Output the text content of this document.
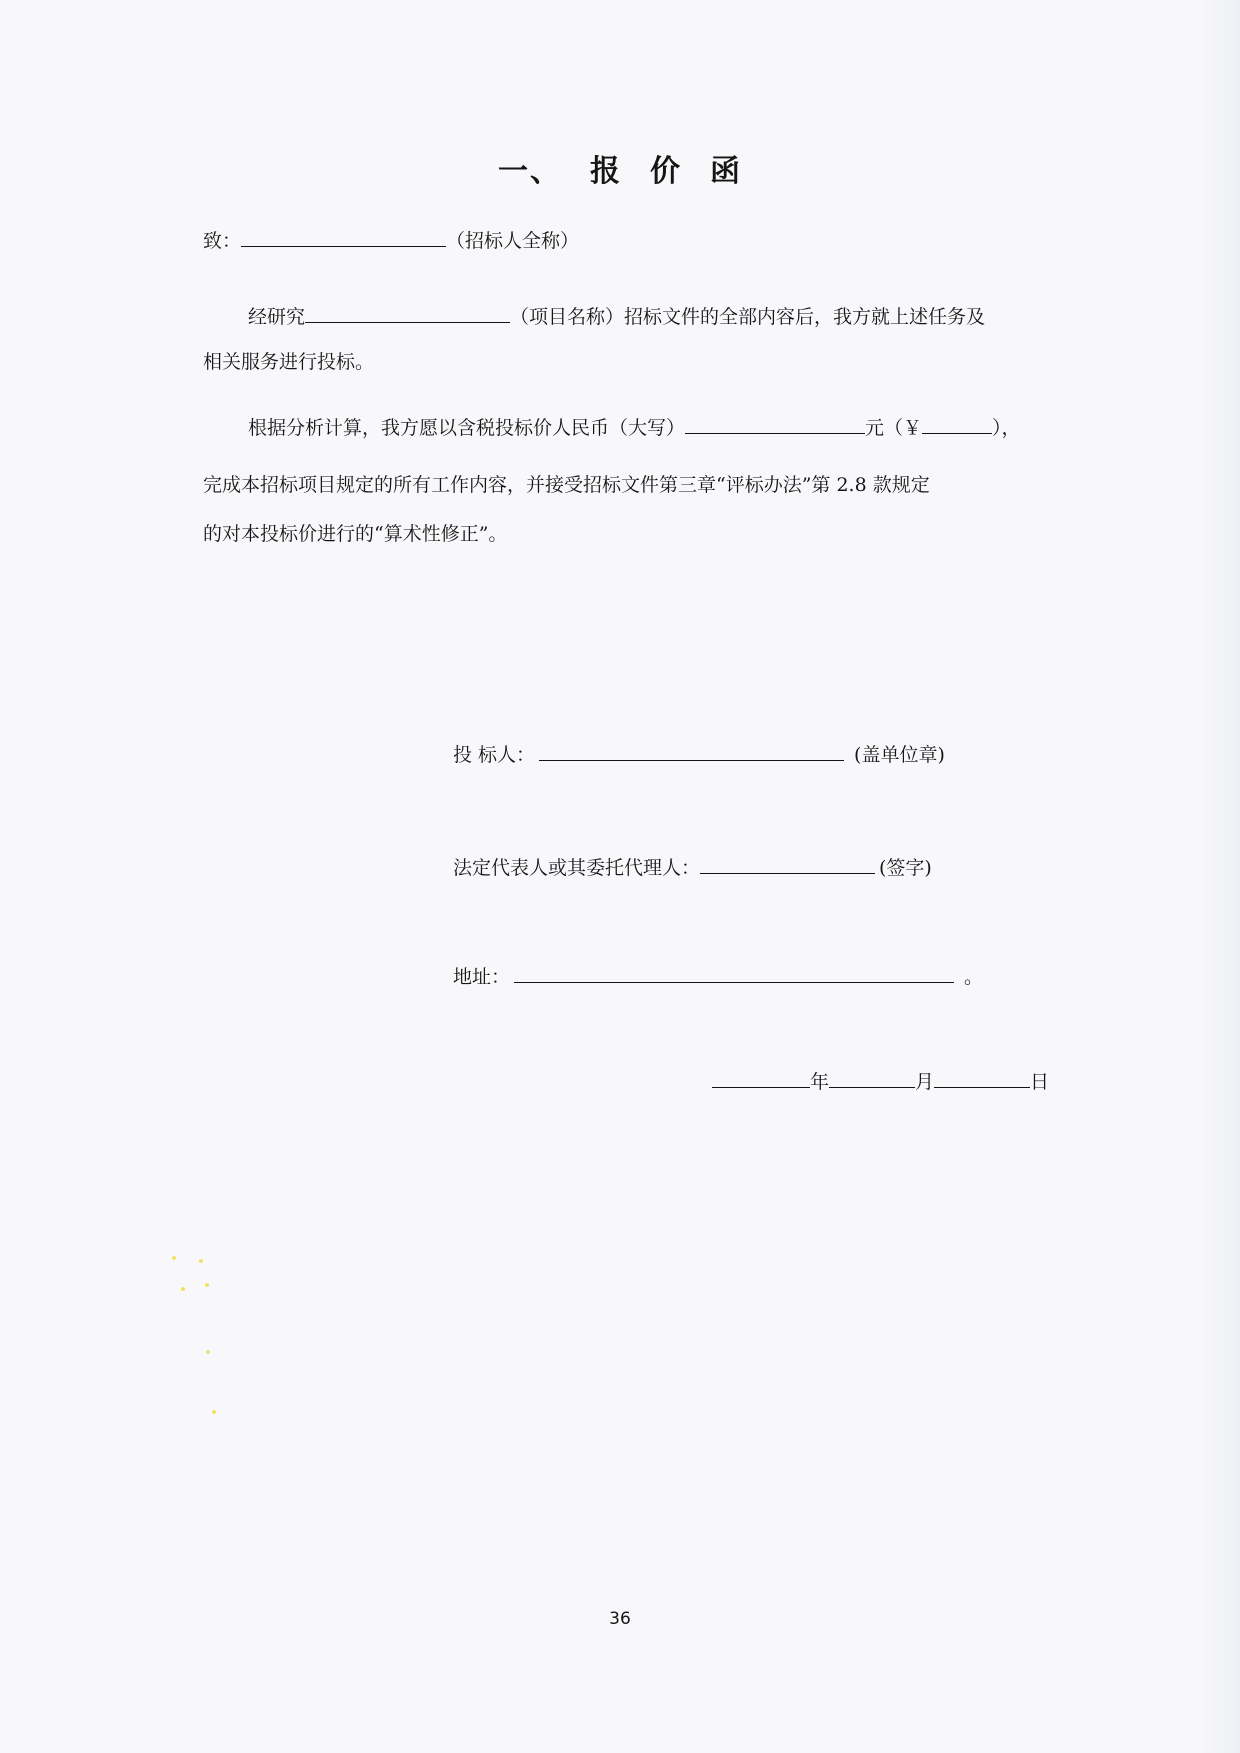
一、 报 价 函
致：	（招标人全称）
经研究	（项目名称）招标文件的全部内容后，我方就上述任务及
相关服务进行投标。
根据分析计算，我方愿以含税投标价人民币（大写）	元（￥	），
完成本招标项目规定的所有工作内容，并接受招标文件第三章“评标办法”第 2.8 款规定
的对本投标价进行的“算术性修正”。
投 标人：	(盖单位章)
法定代表人或其委托代理人：	(签字)
地址：	。
年	月	日
36
